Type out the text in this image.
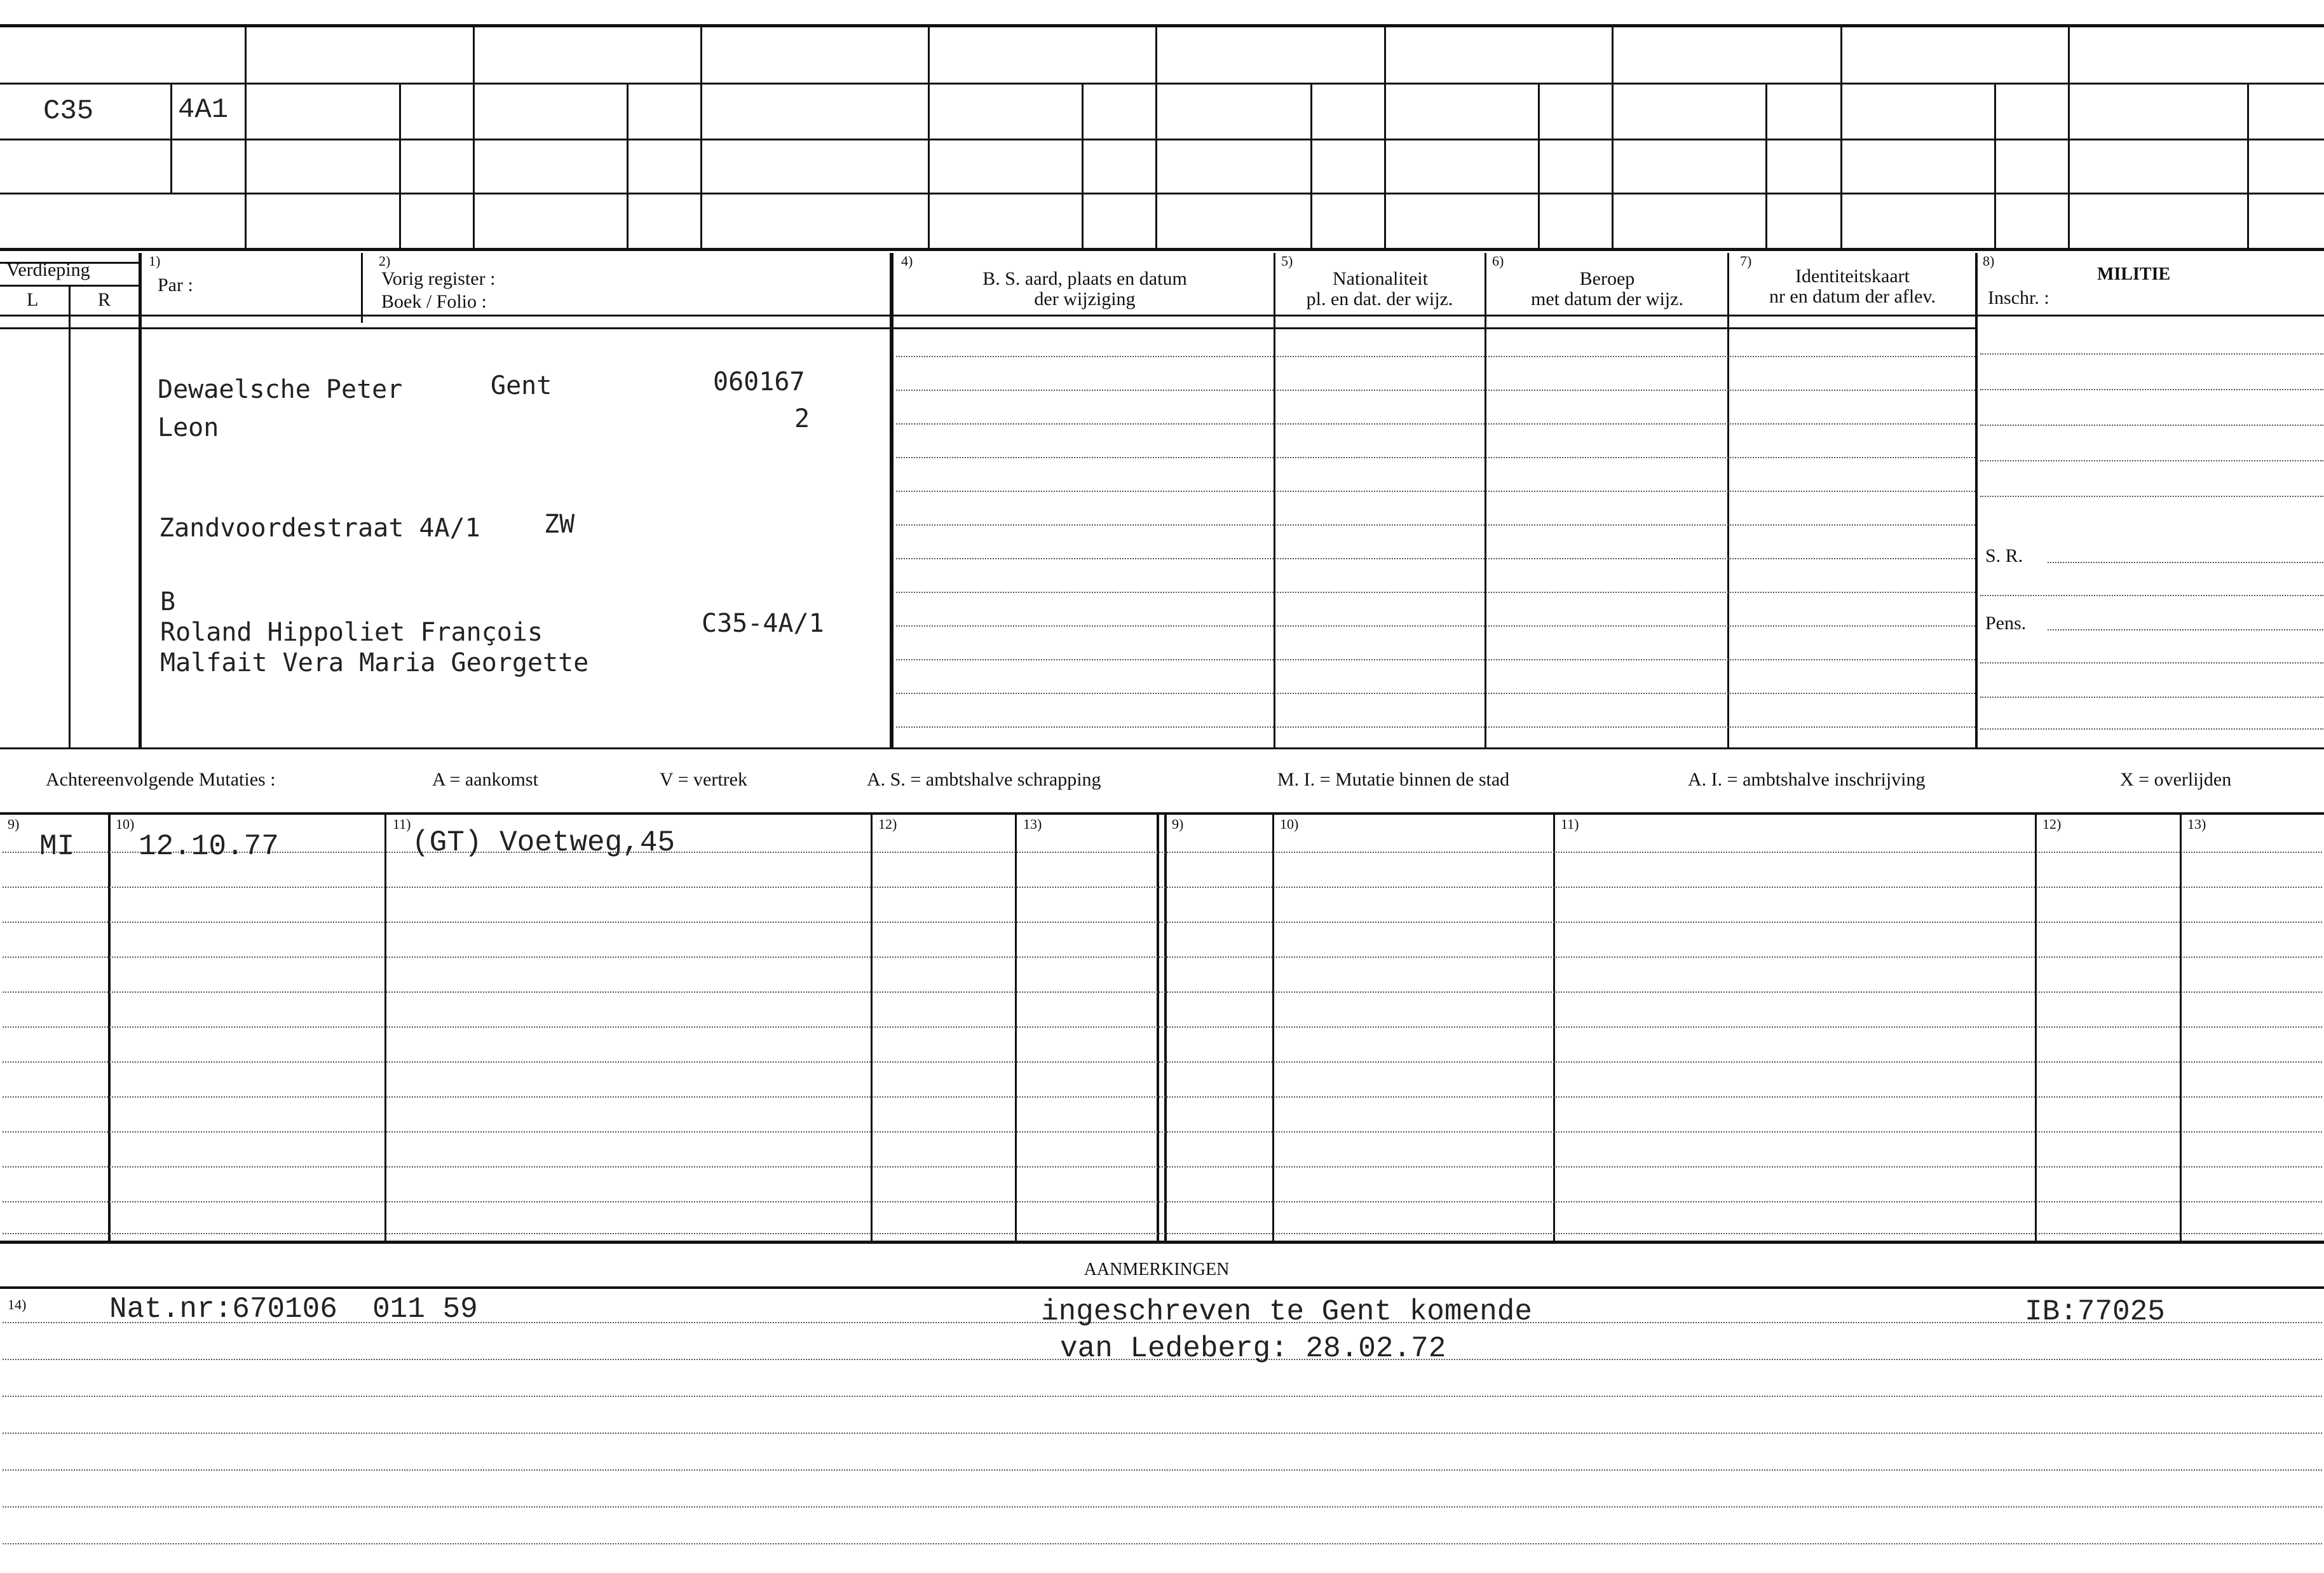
C35	4A1
Verdieping
L	R
1)
Par :
2)
Vorig register :
Boek / Folio :
4)
B. S. aard, plaats en datum
der wijziging
5)
Nationaliteit
pl. en dat. der wijz.
6)
Beroep
met datum der wijz.
7)
Identiteitskaart
nr en datum der aflev.
8)
MILITIE
Inschr. :
S. R.
Pens.
Dewaelsche Peter
Leon
Gent	060167
2
Zandvoordestraat 4A/1	ZW
B
Roland Hippoliet François
Malfait Vera Maria Georgette
C35-4A/1
Achtereenvolgende Mutaties :	A = aankomst	V = vertrek	A. S. = ambtshalve schrapping	M. I. = Mutatie binnen de stad	A. I. = ambtshalve inschrijving	X = overlijden
9)	10)	11)	12)	13)	9)	10)	11)	12)	13)
MI 12.10.77	(GT) Voetweg,45
AANMERKINGEN
14)	Nat.nr:670106  011 59	ingeschreven te Gent komende
van Ledeberg: 28.02.72
IB:77025
